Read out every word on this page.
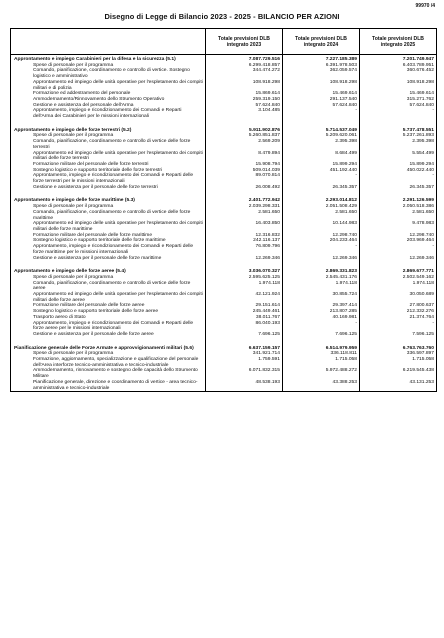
99970 /4
Disegno di Legge di Bilancio 2023 - 2025 - BILANCIO PER AZIONI
	Totale previsioni DLB integrato 2023	Totale previsioni DLB integrato 2024	Totale previsioni DLB integrato 2025
Approntamento e impiego Carabinieri per la difesa e la sicurezza (5.1)	7.087.729.516	7.227.185.389	7.201.749.947
Spese di personale per il programma	6.299.418.857	6.391.978.503	6.403.789.951
Comando, pianificazione, coordinamento e controllo di vertice. Sostegno logistico e amministrativo	344.474.272	362.059.574	360.676.452
Approntamento ed impiego delle unità operative per l'espletamento dei compiti militari e di polizia	108.918.298	108.918.298	108.918.298
Formazione ed addestramento del personale	15.869.614	15.469.614	15.469.614
Ammodernamento/Rinnovamento dello Strumento Operativo	259.319.150	291.137.540	315.271.762
Gestione e assistenza del personale dell'Arma	57.624.840	57.624.840	57.624.840
Approntamento, impiego e ricondizionamento dei Comandi e Reparti dell'Arma dei Carabinieri per le missioni internazionali	3.104.485	-	-

Approntamento e impiego delle forze terrestri (5.2)	5.911.902.876	5.714.537.049	5.737.478.551
Spese di personale per il programma	5.260.851.837	5.209.620.061	5.237.261.893
Comando, pianificazione, coordinamento e controllo di vertice delle forze terrestri	2.569.209	2.395.398	2.395.398
Approntamento ed impiego delle unità operative per l'espletamento dei compiti militari delle forze terrestri	8.479.894	8.684.499	5.554.499
Formazione militare del personale delle forze terrestri	15.908.794	15.899.294	15.899.294
Sostegno logistico e supporto territoriale delle forze terrestri	509.014.039	451.192.440	450.022.440
Approntamento, impiego e ricondizionamento dei Comandi e Reparti delle forze terrestri per le missioni internazionali	89.070.814	-	-
Gestione e assistenza per il personale delle forze terrestri	26.008.492	26.345.357	26.345.357

Approntamento e impiego delle forze marittime (5.3)	2.401.772.942	2.293.014.812	2.291.126.599
Spese di personale per il programma	2.039.298.331	2.051.508.429	2.050.518.386
Comando, pianificazione, coordinamento e controllo di vertice delle forze marittime	2.581.650	2.581.650	2.581.650
Approntamento ed impiego delle unità operative per l'espletamento dei compiti militari delle forze marittime	16.403.850	10.144.983	9.478.983
Formazione militare del personale delle forze marittime	12.316.832	12.298.740	12.298.740
Sostegno logistico e supporto territoriale delle forze marittime	242.116.137	204.233.464	203.969.464
Approntamento, impiego e ricondizionamento dei Comandi e Reparti delle forze marittime per le missioni internazionali	76.809.796	-	-
Gestione e assistenza per il personale delle forze marittime	12.269.346	12.269.346	12.269.346

Approntamento e impiego delle forze aeree (5.4)	3.036.070.327	2.869.331.823	2.869.677.771
Spese di personale per il programma	2.595.625.125	2.545.431.176	2.502.549.162
Comando, pianificazione, coordinamento e controllo di vertice delle forze aeree	1.974.118	1.974.118	1.974.118
Approntamento ed impiego delle unità operative per l'espletamento dei compiti militari delle forze aeree	42.121.924	30.855.724	30.050.689
Formazione militare del personale delle forze aeree	29.151.614	29.397.414	27.800.637
Sostegno logistico e supporto territoriale delle forze aeree	245.449.461	213.807.285	212.332.276
Trasporto aereo di Stato	38.011.767	40.169.981	21.374.764
Approntamento, impiego e ricondizionamento dei Comandi e Reparti delle forze aeree per le missioni internazionali	86.040.193	-	-
Gestione e assistenza per il personale delle forze aeree	7.696.125	7.696.125	7.596.125

Pianificazione generale delle Forze Armate e approvvigionamenti militari (5.6)	6.637.159.157	6.514.979.959	6.763.763.760
Spese di personale per il programma	341.921.714	336.118.811	336.597.897
Formazione, aggiornamento, specializzazione e qualificazione del personale dell'Area interforze tecnico-amministrativa e tecnico-industriale	1.759.591	1.715.058	1.715.058
Ammodernamento, rinnovamento e sostegno delle capacità dello Strumento Militare	6.071.832.315	5.972.488.272	6.219.545.438
Pianificazione generale, direzione e coordinamento di vertice - area tecnico-amministrativa e tecnico-industriale	48.538.193	43.388.253	43.131.253
